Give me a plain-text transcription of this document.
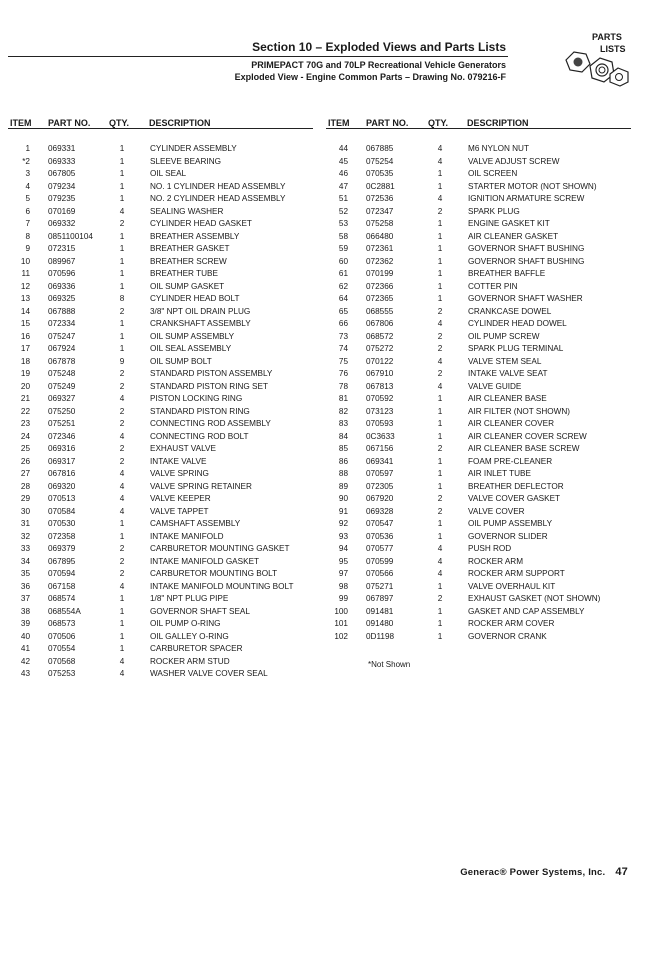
Section 10 – Exploded Views and Parts Lists
PRIMEPACT 70G and 70LP Recreational Vehicle Generators
Exploded View - Engine Common Parts – Drawing No. 079216-F
PARTS
LISTS
ITEM PART NO. QTY. DESCRIPTION	ITEM PART NO. QTY. DESCRIPTION
1 069331	1	CYLINDER ASSEMBLY
*2 069333	1	SLEEVE BEARING
3 067805	1	OIL SEAL
4 079234	1	NO. 1 CYLINDER HEAD ASSEMBLY
5 079235	1	NO. 2 CYLINDER HEAD ASSEMBLY
6 070169	4	SEALING WASHER
7 069332	2	CYLINDER HEAD GASKET
8 0851100104	1	BREATHER ASSEMBLY
9 072315	1	BREATHER GASKET
10 089967	1	BREATHER SCREW
11 070596	1	BREATHER TUBE
12 069336	1	OIL SUMP GASKET
13 069325	8	CYLINDER HEAD BOLT
14 067888	2	3/8" NPT OIL DRAIN PLUG
15 072334	1	CRANKSHAFT ASSEMBLY
16 075247	1	OIL SUMP ASSEMBLY
17 067924	1	OIL SEAL ASSEMBLY
18 067878	9	OIL SUMP BOLT
19 075248	2	STANDARD PISTON ASSEMBLY
20 075249	2	STANDARD PISTON RING SET
21 069327	4	PISTON LOCKING RING
22 075250	2	STANDARD PISTON RING
23 075251	2	CONNECTING ROD ASSEMBLY
24 072346	4	CONNECTING ROD BOLT
25 069316	2	EXHAUST VALVE
26 069317	2	INTAKE VALVE
27 067816	4	VALVE SPRING
28 069320	4	VALVE SPRING RETAINER
29 070513	4	VALVE KEEPER
30 070584	4	VALVE TAPPET
31 070530	1	CAMSHAFT ASSEMBLY
32 072358	1	INTAKE MANIFOLD
33 069379	2	CARBURETOR MOUNTING GASKET
34 067895	2	INTAKE MANIFOLD GASKET
35 070594	2	CARBURETOR MOUNTING BOLT
36 067158	4	INTAKE MANIFOLD MOUNTING BOLT
37 068574	1	1/8" NPT PLUG PIPE
38 068554A	1	GOVERNOR SHAFT SEAL
39 068573	1	OIL PUMP O-RING
40 070506	1	OIL GALLEY O-RING
41 070554	1	CARBURETOR SPACER
42 070568	4	ROCKER ARM STUD
43 075253	4	WASHER VALVE COVER SEAL
44 067885	4	M6 NYLON NUT
45 075254	4	VALVE ADJUST SCREW
46 070535	1	OIL SCREEN
47 0C2881	1	STARTER MOTOR (NOT SHOWN)
51 072536	4	IGNITION ARMATURE SCREW
52 072347	2	SPARK PLUG
53 075258	1	ENGINE GASKET KIT
58 066480	1	AIR CLEANER GASKET
59 072361	1	GOVERNOR SHAFT BUSHING
60 072362	1	GOVERNOR SHAFT BUSHING
61 070199	1	BREATHER BAFFLE
62 072366	1	COTTER PIN
64 072365	1	GOVERNOR SHAFT WASHER
65 068555	2	CRANKCASE DOWEL
66 067806	4	CYLINDER HEAD DOWEL
73 068572	2	OIL PUMP SCREW
74 075272	2	SPARK PLUG TERMINAL
75 070122	4	VALVE STEM SEAL
76 067910	2	INTAKE VALVE SEAT
78 067813	4	VALVE GUIDE
81 070592	1	AIR CLEANER BASE
82 073123	1	AIR FILTER (NOT SHOWN)
83 070593	1	AIR CLEANER COVER
84 0C3633	1	AIR CLEANER COVER SCREW
85 067156	2	AIR CLEANER BASE SCREW
86 069341	1	FOAM PRE-CLEANER
88 070597	1	AIR INLET TUBE
89 072305	1	BREATHER DEFLECTOR
90 067920	2	VALVE COVER GASKET
91 069328	2	VALVE COVER
92 070547	1	OIL PUMP ASSEMBLY
93 070536	1	GOVERNOR SLIDER
94 070577	4	PUSH ROD
95 070599	4	ROCKER ARM
97 070566	4	ROCKER ARM SUPPORT
98 075271	1	VALVE OVERHAUL KIT
99 067897	2	EXHAUST GASKET (NOT SHOWN)
100 091481	1	GASKET AND CAP ASSEMBLY
101 091480	1	ROCKER ARM COVER
102 0D1198	1	GOVERNOR CRANK
*Not Shown
Generac® Power Systems, Inc. 47
